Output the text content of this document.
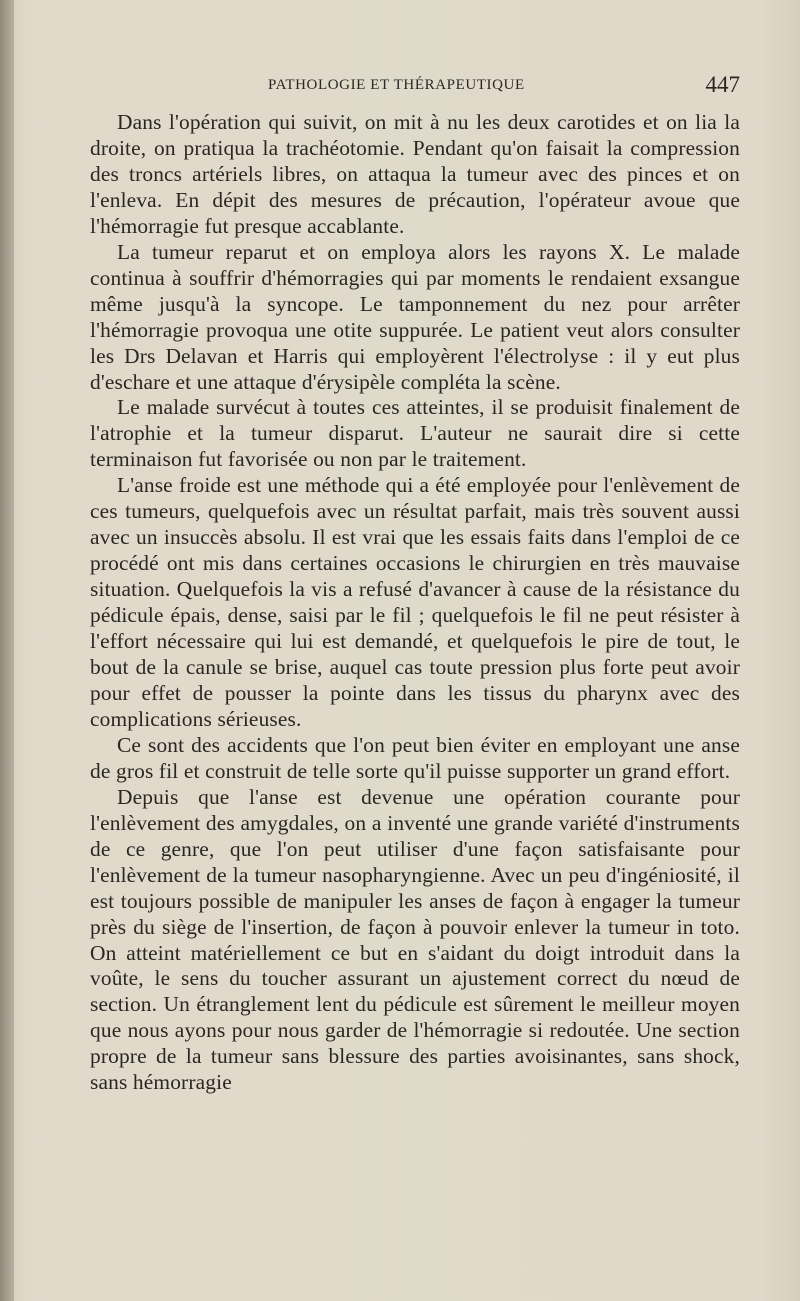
PATHOLOGIE ET THÉRAPEUTIQUE	447

Dans l'opération qui suivit, on mit à nu les deux carotides et on lia la droite, on pratiqua la trachéotomie. Pendant qu'on faisait la compression des troncs artériels libres, on attaqua la tumeur avec des pinces et on l'enleva. En dépit des mesures de précaution, l'opérateur avoue que l'hémorragie fut presque accablante.

La tumeur reparut et on employa alors les rayons X. Le malade continua à souffrir d'hémorragies qui par moments le rendaient exsangue même jusqu'à la syncope. Le tamponnement du nez pour arrêter l'hémorragie provoqua une otite suppurée. Le patient veut alors consulter les Drs Delavan et Harris qui employèrent l'électrolyse : il y eut plus d'eschare et une attaque d'érysipèle compléta la scène.

Le malade survécut à toutes ces atteintes, il se produisit finalement de l'atrophie et la tumeur disparut. L'auteur ne saurait dire si cette terminaison fut favorisée ou non par le traitement.

L'anse froide est une méthode qui a été employée pour l'enlèvement de ces tumeurs, quelquefois avec un résultat parfait, mais très souvent aussi avec un insuccès absolu. Il est vrai que les essais faits dans l'emploi de ce procédé ont mis dans certaines occasions le chirurgien en très mauvaise situation. Quelquefois la vis a refusé d'avancer à cause de la résistance du pédicule épais, dense, saisi par le fil ; quelquefois le fil ne peut résister à l'effort nécessaire qui lui est demandé, et quelquefois le pire de tout, le bout de la canule se brise, auquel cas toute pression plus forte peut avoir pour effet de pousser la pointe dans les tissus du pharynx avec des complications sérieuses.

Ce sont des accidents que l'on peut bien éviter en employant une anse de gros fil et construit de telle sorte qu'il puisse supporter un grand effort.

Depuis que l'anse est devenue une opération courante pour l'enlèvement des amygdales, on a inventé une grande variété d'instruments de ce genre, que l'on peut utiliser d'une façon satisfaisante pour l'enlèvement de la tumeur nasopharyngienne. Avec un peu d'ingéniosité, il est toujours possible de manipuler les anses de façon à engager la tumeur près du siège de l'insertion, de façon à pouvoir enlever la tumeur in toto. On atteint matériellement ce but en s'aidant du doigt introduit dans la voûte, le sens du toucher assurant un ajustement correct du nœud de section. Un étranglement lent du pédicule est sûrement le meilleur moyen que nous ayons pour nous garder de l'hémorragie si redoutée. Une section propre de la tumeur sans blessure des parties avoisinantes, sans shock, sans hémorragie
